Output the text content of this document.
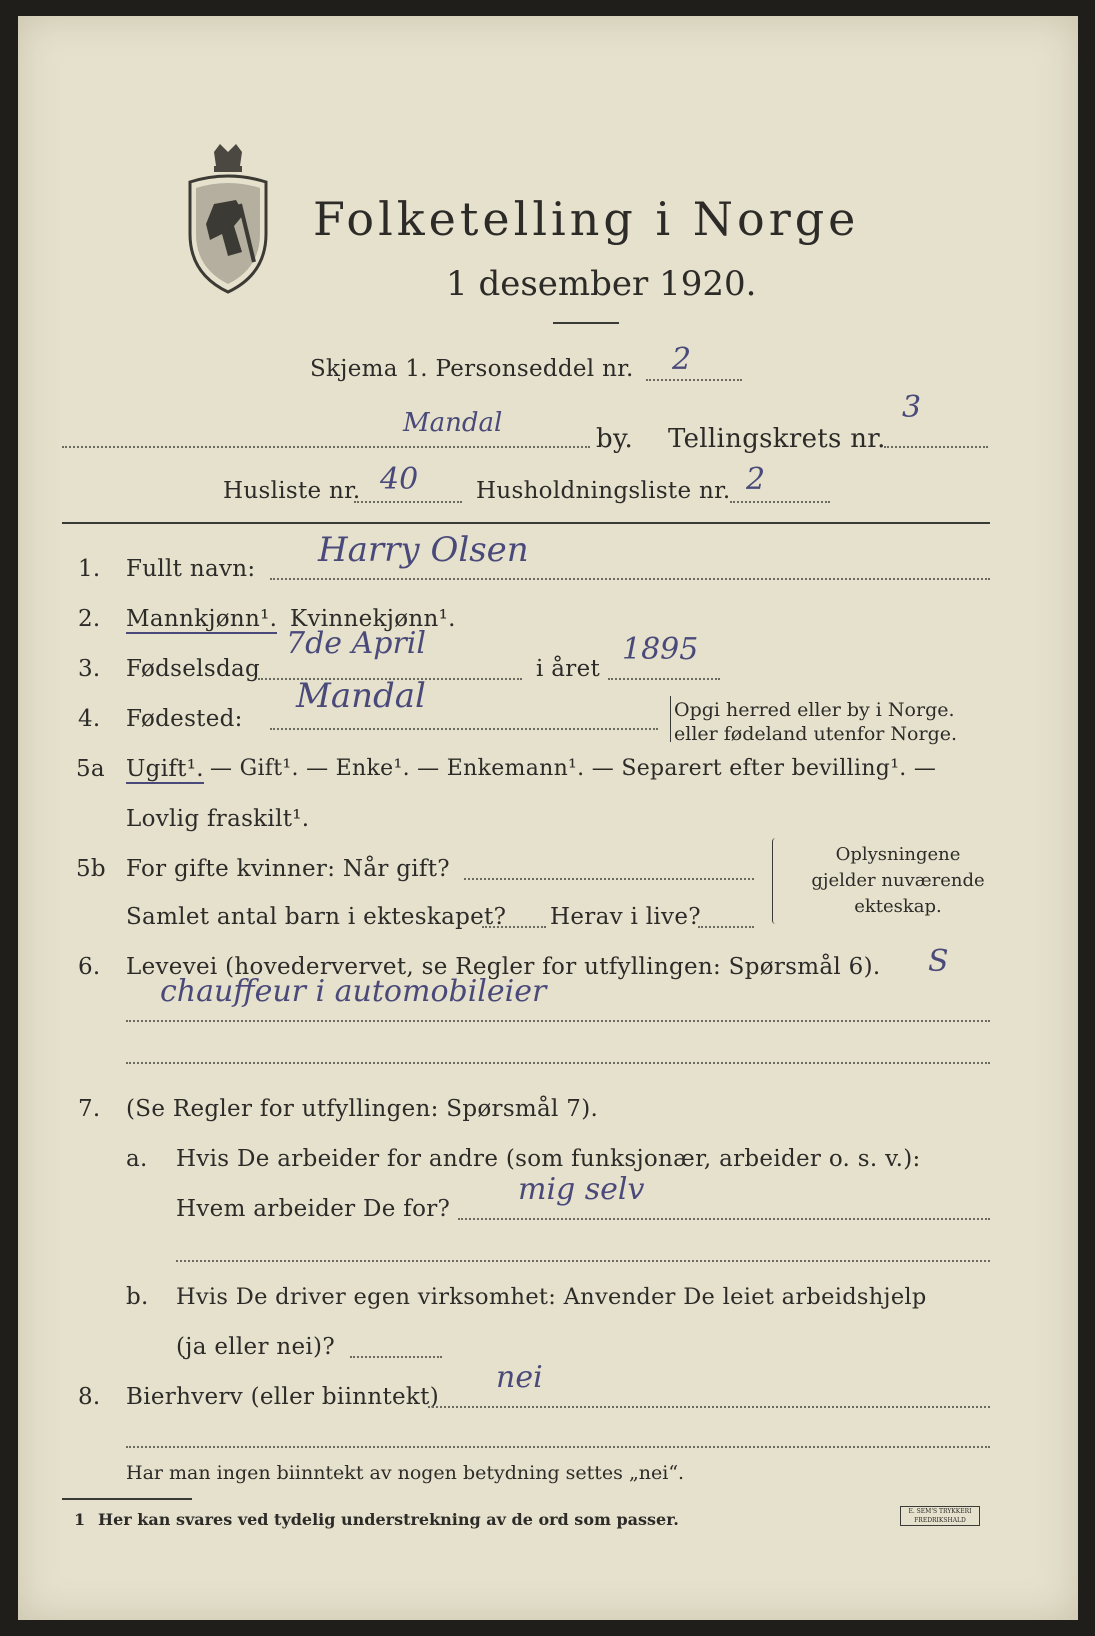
Folketelling i Norge
1 desember 1920.
Skjema 1. Personseddel nr. 2
Mandal
by. Tellingskrets nr.
3
Husliste nr. 40	Husholdningsliste nr. 2
1. Fullt navn: Harry Olsen
2. Mannkjønn¹. Kvinnekjønn¹.
3. Fødselsdag
7de April
i året
1895
4. Fødested:
Mandal	Opgi herred eller by i Norge.
eller fødeland utenfor Norge.
5a Ugift¹. — Gift¹. — Enke¹. — Enkemann¹. — Separert efter bevilling¹. —
Lovlig fraskilt¹.
5b For gifte kvinner: Når gift?
Samlet antal barn i ekteskapet? Herav i live?
Oplysningene
gjelder nuværende
ekteskap.
6. Levevei (hovedervervet, se Regler for utfyllingen: Spørsmål 6). S
chauffeur i automobileier
7. (Se Regler for utfyllingen: Spørsmål 7).
a. Hvis De arbeider for andre (som funksjonær, arbeider o. s. v.):
Hvem arbeider De for?
mig selv
b. Hvis De driver egen virksomhet: Anvender De leiet arbeidshjelp
(ja eller nei)?
8. Bierhverv (eller biinntekt)
nei
Har man ingen biinntekt av nogen betydning settes „nei“.
1 Her kan svares ved tydelig understrekning av de ord som passer.	E. SEM'S TRYKKERI FREDRIKSHALD
